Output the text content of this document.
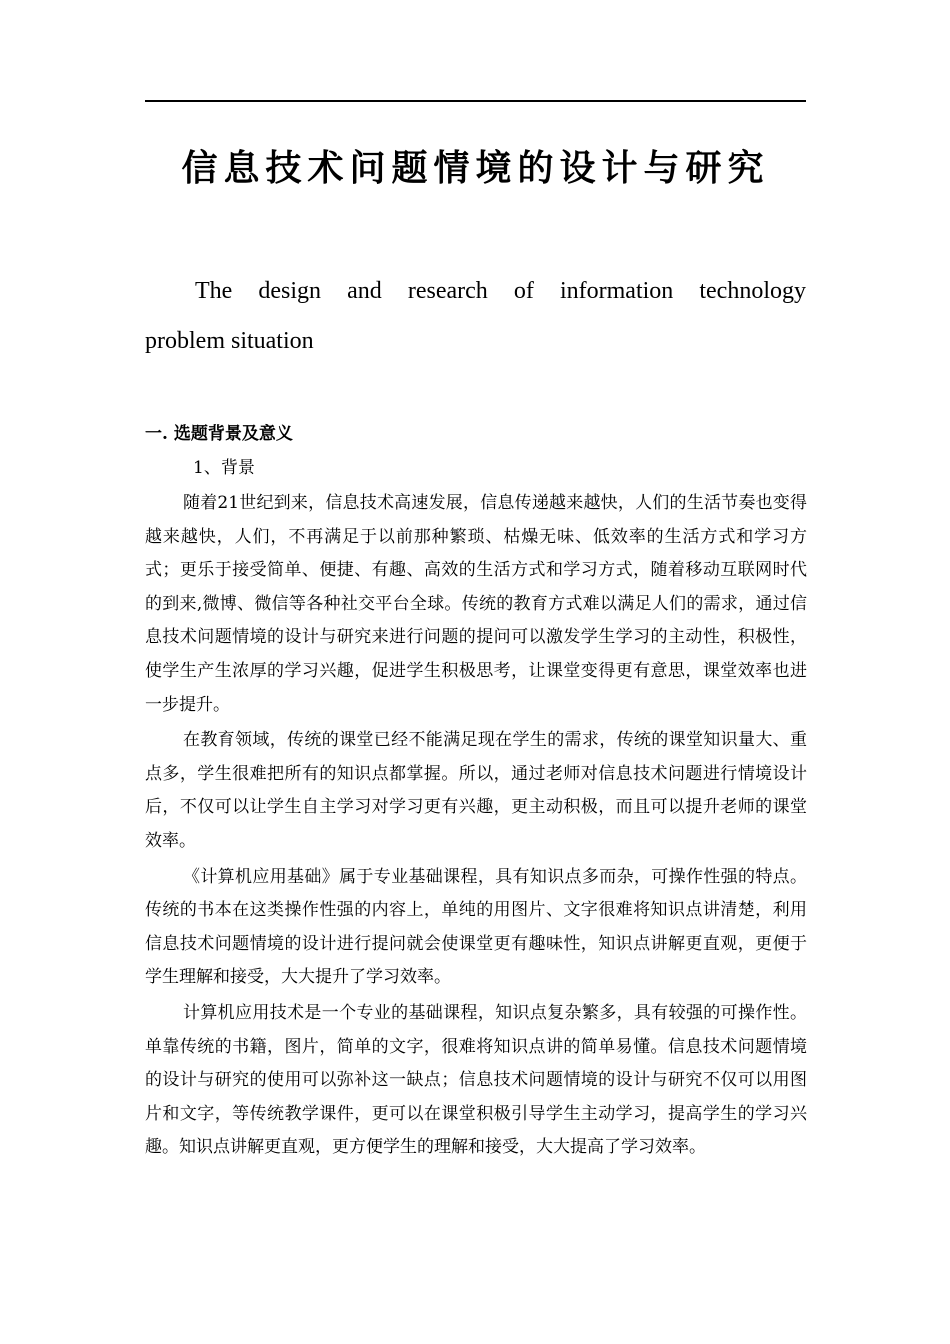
信息技术问题情境的设计与研究
The design and research of information technology
problem situation
一. 选题背景及意义
1、背景

随着21世纪到来，信息技术高速发展，信息传递越来越快，人们的生活节奏也变得越来越快，人们，不再满足于以前那种繁琐、枯燥无味、低效率的生活方式和学习方式；更乐于接受简单、便捷、有趣、高效的生活方式和学习方式，随着移动互联网时代的到来,微博、微信等各种社交平台全球。传统的教育方式难以满足人们的需求，通过信息技术问题情境的设计与研究来进行问题的提问可以激发学生学习的主动性，积极性，使学生产生浓厚的学习兴趣，促进学生积极思考，让课堂变得更有意思，课堂效率也进一步提升。

在教育领域，传统的课堂已经不能满足现在学生的需求，传统的课堂知识量大、重点多，学生很难把所有的知识点都掌握。所以，通过老师对信息技术问题进行情境设计后，不仅可以让学生自主学习对学习更有兴趣，更主动积极，而且可以提升老师的课堂效率。

《计算机应用基础》属于专业基础课程，具有知识点多而杂，可操作性强的特点。传统的书本在这类操作性强的内容上，单纯的用图片、文字很难将知识点讲清楚，利用信息技术问题情境的设计进行提问就会使课堂更有趣味性，知识点讲解更直观，更便于学生理解和接受，大大提升了学习效率。

计算机应用技术是一个专业的基础课程，知识点复杂繁多，具有较强的可操作性。单靠传统的书籍，图片，简单的文字，很难将知识点讲的简单易懂。信息技术问题情境的设计与研究的使用可以弥补这一缺点；信息技术问题情境的设计与研究不仅可以用图片和文字，等传统教学课件，更可以在课堂积极引导学生主动学习，提高学生的学习兴趣。知识点讲解更直观，更方便学生的理解和接受，大大提高了学习效率。
